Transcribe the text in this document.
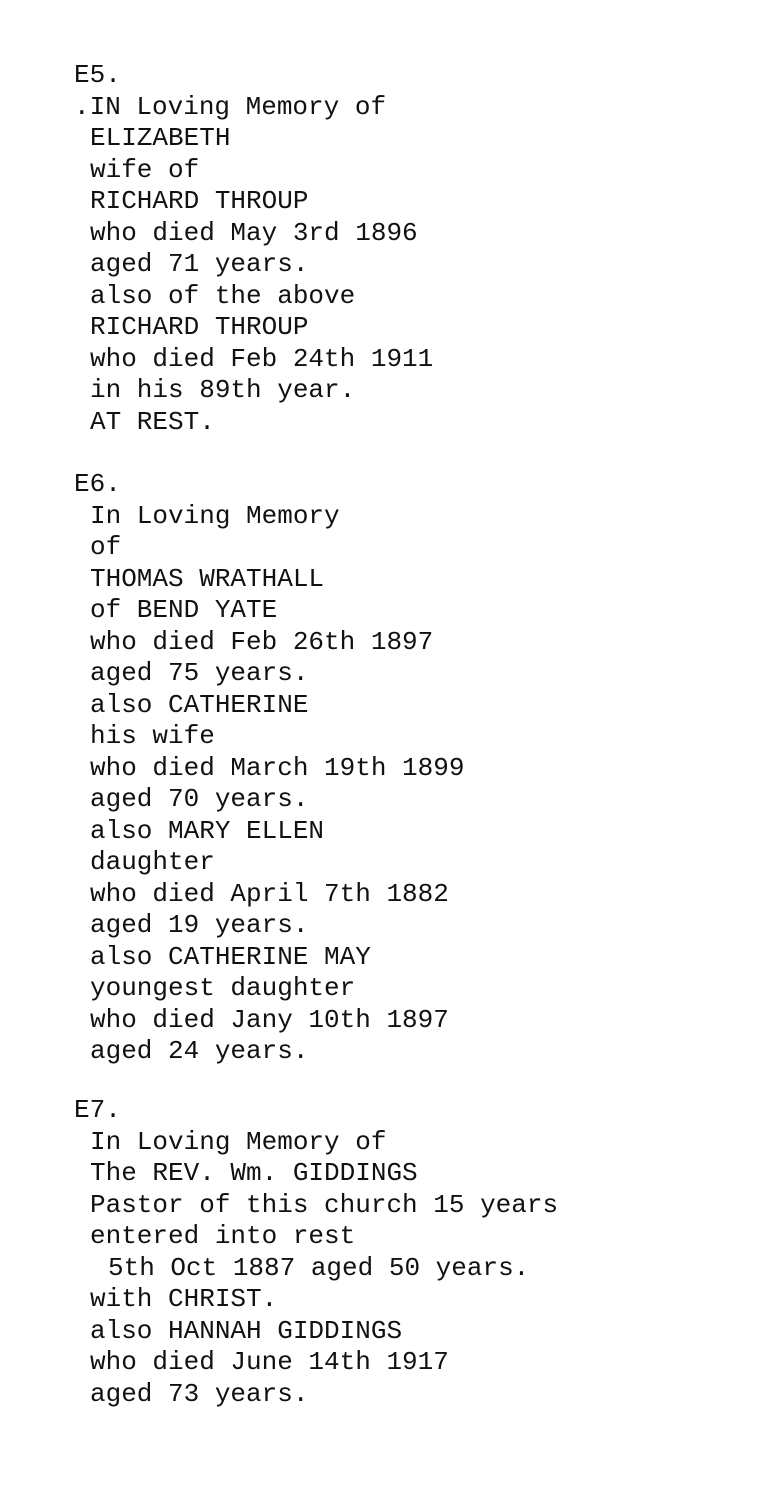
E5.
.IN Loving Memory of
ELIZABETH
wife of
RICHARD THROUP
who died May 3rd 1896
aged 71 years.
also of the above
RICHARD THROUP
who died Feb 24th 1911
in his 89th year.
AT REST.
E6.
In Loving Memory
of
THOMAS WRATHALL
of BEND YATE
who died Feb 26th 1897
aged 75 years.
also CATHERINE
his wife
who died March 19th 1899
aged 70 years.
also MARY ELLEN
daughter
who died April 7th 1882
aged 19 years.
also CATHERINE MAY
youngest daughter
who died Jany 10th 1897
aged 24 years.
E7.
In Loving Memory of
The REV. Wm. GIDDINGS
Pastor of this church 15 years
entered into rest
5th Oct 1887 aged 50 years.
with CHRIST.
also HANNAH GIDDINGS
who died June 14th 1917
aged 73 years.
